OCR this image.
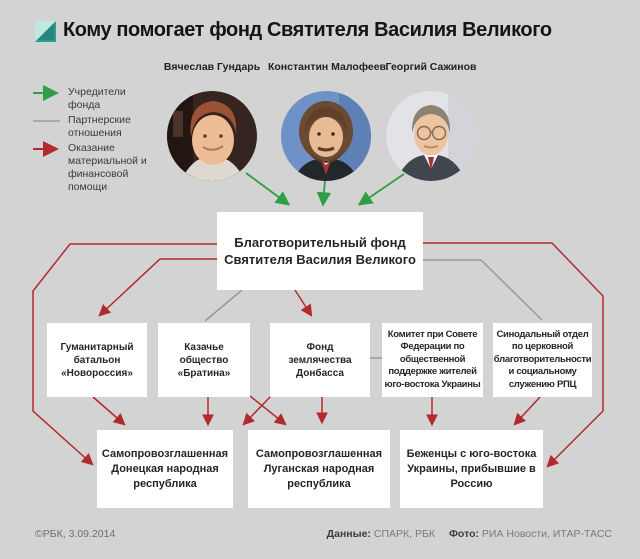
Кому помогает фонд Святителя Василия Великого
Учредители фонда
Партнерские отношения
Оказание материальной и финансовой помощи
Вячеслав Гундарь Константин Малофеев Георгий Сажинов
Благотворительный фонд Святителя Василия Великого
Гуманитарный батальон «Новороссия»
Казачье общество «Братина»
Фонд землячества Донбасса
Комитет при Совете Федерации по общественной поддержке жителей юго-востока Украины
Синодальный отдел по церковной благотворительности и социальному служению РПЦ
Самопровозглашенная Донецкая народная республика
Самопровозглашенная Луганская народная республика
Беженцы с юго-востока Украины, прибывшие в Россию
©РБК, 3.09.2014	Данные: СПАРК, РБК Фото: РИА Новости, ИТАР-ТАСС
